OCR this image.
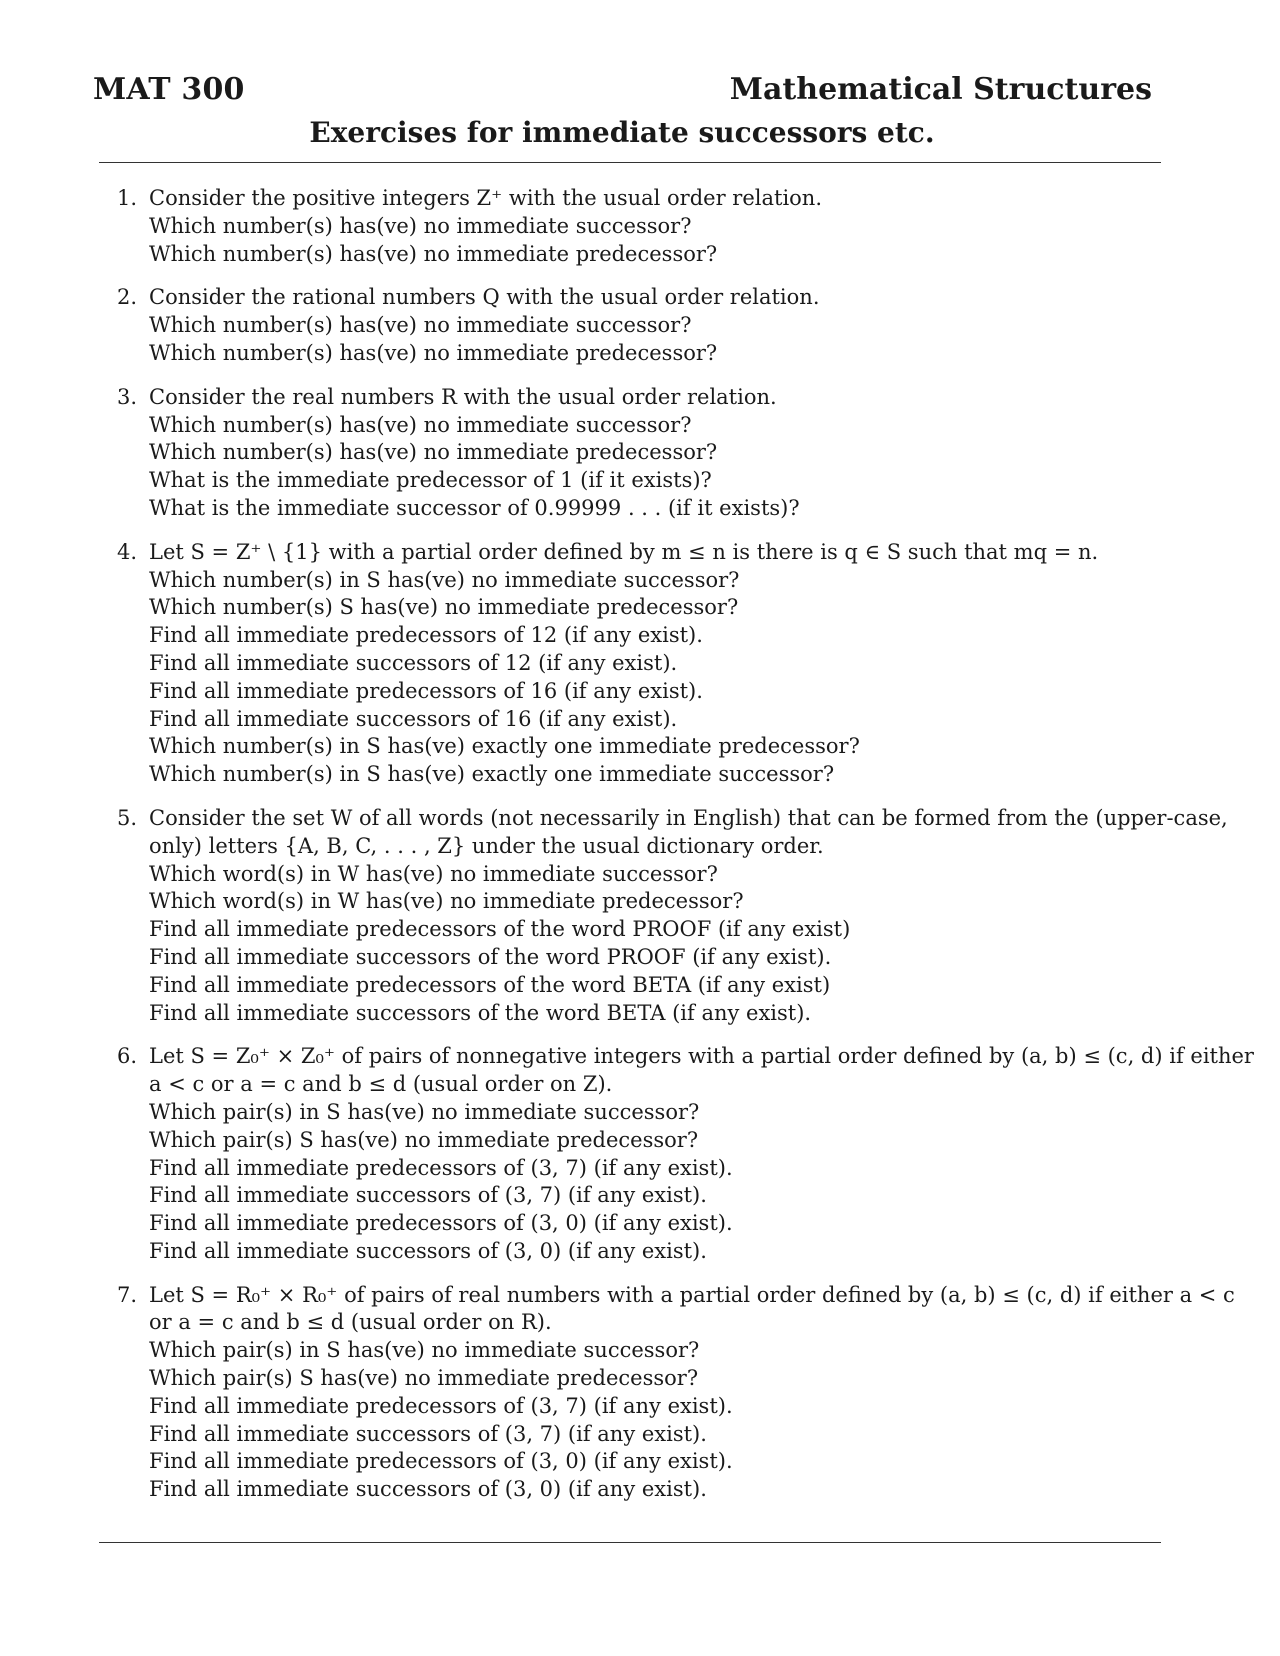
MAT 300	Mathematical Structures
Exercises for immediate successors etc.
1. Consider the positive integers Z⁺ with the usual order relation.
Which number(s) has(ve) no immediate successor?
Which number(s) has(ve) no immediate predecessor?
2. Consider the rational numbers Q with the usual order relation.
Which number(s) has(ve) no immediate successor?
Which number(s) has(ve) no immediate predecessor?
3. Consider the real numbers R with the usual order relation.
Which number(s) has(ve) no immediate successor?
Which number(s) has(ve) no immediate predecessor?
What is the immediate predecessor of 1 (if it exists)?
What is the immediate successor of 0.99999 . . . (if it exists)?
4. Let S = Z⁺ \ {1} with a partial order defined by m ≤ n is there is q ∈ S such that mq = n.
Which number(s) in S has(ve) no immediate successor?
Which number(s) S has(ve) no immediate predecessor?
Find all immediate predecessors of 12 (if any exist).
Find all immediate successors of 12 (if any exist).
Find all immediate predecessors of 16 (if any exist).
Find all immediate successors of 16 (if any exist).
Which number(s) in S has(ve) exactly one immediate predecessor?
Which number(s) in S has(ve) exactly one immediate successor?
5. Consider the set W of all words (not necessarily in English) that can be formed from the (upper-case,
only) letters {A, B, C, . . . , Z} under the usual dictionary order.
Which word(s) in W has(ve) no immediate successor?
Which word(s) in W has(ve) no immediate predecessor?
Find all immediate predecessors of the word PROOF (if any exist)
Find all immediate successors of the word PROOF (if any exist).
Find all immediate predecessors of the word BETA (if any exist)
Find all immediate successors of the word BETA (if any exist).
6. Let S = Z₀⁺ × Z₀⁺ of pairs of nonnegative integers with a partial order defined by (a, b) ≤ (c, d) if either
a < c or a = c and b ≤ d (usual order on Z).
Which pair(s) in S has(ve) no immediate successor?
Which pair(s) S has(ve) no immediate predecessor?
Find all immediate predecessors of (3, 7) (if any exist).
Find all immediate successors of (3, 7) (if any exist).
Find all immediate predecessors of (3, 0) (if any exist).
Find all immediate successors of (3, 0) (if any exist).
7. Let S = R₀⁺ × R₀⁺ of pairs of real numbers with a partial order defined by (a, b) ≤ (c, d) if either a < c
or a = c and b ≤ d (usual order on R).
Which pair(s) in S has(ve) no immediate successor?
Which pair(s) S has(ve) no immediate predecessor?
Find all immediate predecessors of (3, 7) (if any exist).
Find all immediate successors of (3, 7) (if any exist).
Find all immediate predecessors of (3, 0) (if any exist).
Find all immediate successors of (3, 0) (if any exist).
